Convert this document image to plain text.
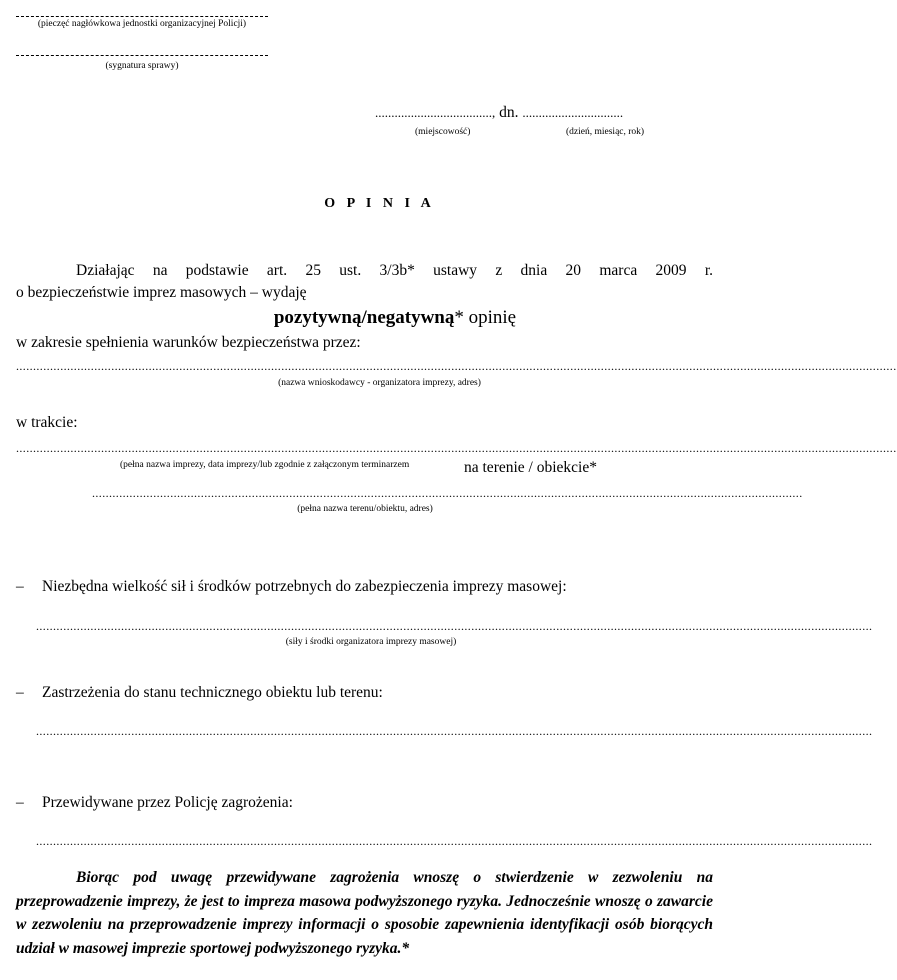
(pieczęć nagłówkowa jednostki organizacyjnej Policji)
(sygnatura sprawy)
...................................., dn. ...............................
(miejscowość)	(dzień, miesiąc, rok)
O P I N I A
Działając na podstawie art. 25 ust. 3/3b* ustawy z dnia 20 marca 2009 r.
o bezpieczeństwie imprez masowych – wydaję
pozytywną/negatywną* opinię
w zakresie spełnienia warunków bezpieczeństwa przez:
...................................................................................................................................................................................................................................................................
(nazwa wnioskodawcy - organizatora imprezy, adres)
w trakcie:
...................................................................................................................................................................................................................................................................
(pełna nazwa imprezy, data imprezy/lub zgodnie z załączonym terminarzem	na terenie / obiekcie*
.................................................................................................................................................................................................................
(pełna nazwa terenu/obiektu, adres)
– Niezbędna wielkość sił i środków potrzebnych do zabezpieczenia imprezy masowej:
......................................................................................................................................................................................................................................................
(siły i środki organizatora imprezy masowej)
– Zastrzeżenia do stanu technicznego obiektu lub terenu:
......................................................................................................................................................................................................................................................
– Przewidywane przez Policję zagrożenia:
......................................................................................................................................................................................................................................................
Biorąc pod uwagę przewidywane zagrożenia wnoszę o stwierdzenie w zezwoleniu na przeprowadzenie imprezy, że jest to impreza masowa podwyższonego ryzyka. Jednocześnie wnoszę o zawarcie w zezwoleniu na przeprowadzenie imprezy informacji o sposobie zapewnienia identyfikacji osób biorących udział w masowej imprezie sportowej podwyższonego ryzyka.*
